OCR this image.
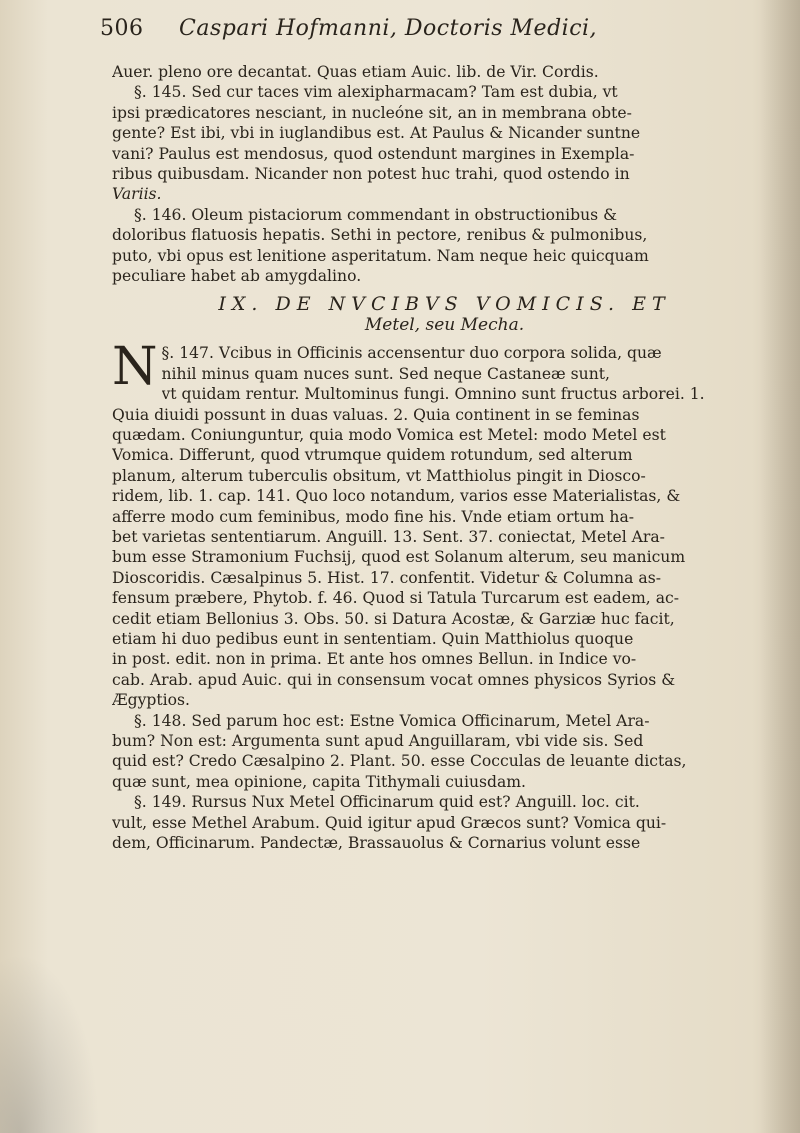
506 Caspari Hofmanni, Doctoris Medici,
Auer. pleno ore decantat. Quas etiam Auic. lib. de Vir. Cordis.
§. 145. Sed cur taces vim alexipharmacam? Tam est dubia, vt
ipsi prædicatores nesciant, in nucleóne sit, an in membrana obte-
gente? Est ibi, vbi in iuglandibus est. At Paulus & Nicander suntne
vani? Paulus est mendosus, quod ostendunt margines in Exempla-
ribus quibusdam. Nicander non potest huc trahi, quod ostendo in
Variis.
§. 146. Oleum pistaciorum commendant in obstructionibus &
doloribus flatuosis hepatis. Sethi in pectore, renibus & pulmonibus,
puto, vbi opus est lenitione asperitatum. Nam neque heic quicquam
peculiare habet ab amygdalino.
IX. DE NVCIBVS VOMICIS. ET
Metel, seu Mecha.
N §. 147. Vcibus in Officinis accensentur duo corpora solida, quæ
nihil minus quam nuces sunt. Sed neque Castaneæ sunt,
vt quidam rentur. Multominus fungi. Omnino sunt fructus arborei. 1.
Quia diuidi possunt in duas valuas. 2. Quia continent in se feminas
quædam. Coniunguntur, quia modo Vomica est Metel: modo Metel est
Vomica. Differunt, quod vtrumque quidem rotundum, sed alterum
planum, alterum tuberculis obsitum, vt Matthiolus pingit in Diosco-
ridem, lib. 1. cap. 141. Quo loco notandum, varios esse Materialistas, &
afferre modo cum feminibus, modo fine his. Vnde etiam ortum ha-
bet varietas sententiarum. Anguill. 13. Sent. 37. coniectat, Metel Ara-
bum esse Stramonium Fuchsij, quod est Solanum alterum, seu manicum
Dioscoridis. Cæsalpinus 5. Hist. 17. confentit. Videtur & Columna as-
fensum præbere, Phytob. f. 46. Quod si Tatula Turcarum est eadem, ac-
cedit etiam Bellonius 3. Obs. 50. si Datura Acostæ, & Garziæ huc facit,
etiam hi duo pedibus eunt in sententiam. Quin Matthiolus quoque
in post. edit. non in prima. Et ante hos omnes Bellun. in Indice vo-
cab. Arab. apud Auic. qui in consensum vocat omnes physicos Syrios &
Ægyptios.
§. 148. Sed parum hoc est: Estne Vomica Officinarum, Metel Ara-
bum? Non est: Argumenta sunt apud Anguillaram, vbi vide sis. Sed
quid est? Credo Cæsalpino 2. Plant. 50. esse Cocculas de leuante dictas,
quæ sunt, mea opinione, capita Tithymali cuiusdam.
§. 149. Rursus Nux Metel Officinarum quid est? Anguill. loc. cit.
vult, esse Methel Arabum. Quid igitur apud Græcos sunt? Vomica qui-
dem, Officinarum. Pandectæ, Brassauolus & Cornarius volunt esse
